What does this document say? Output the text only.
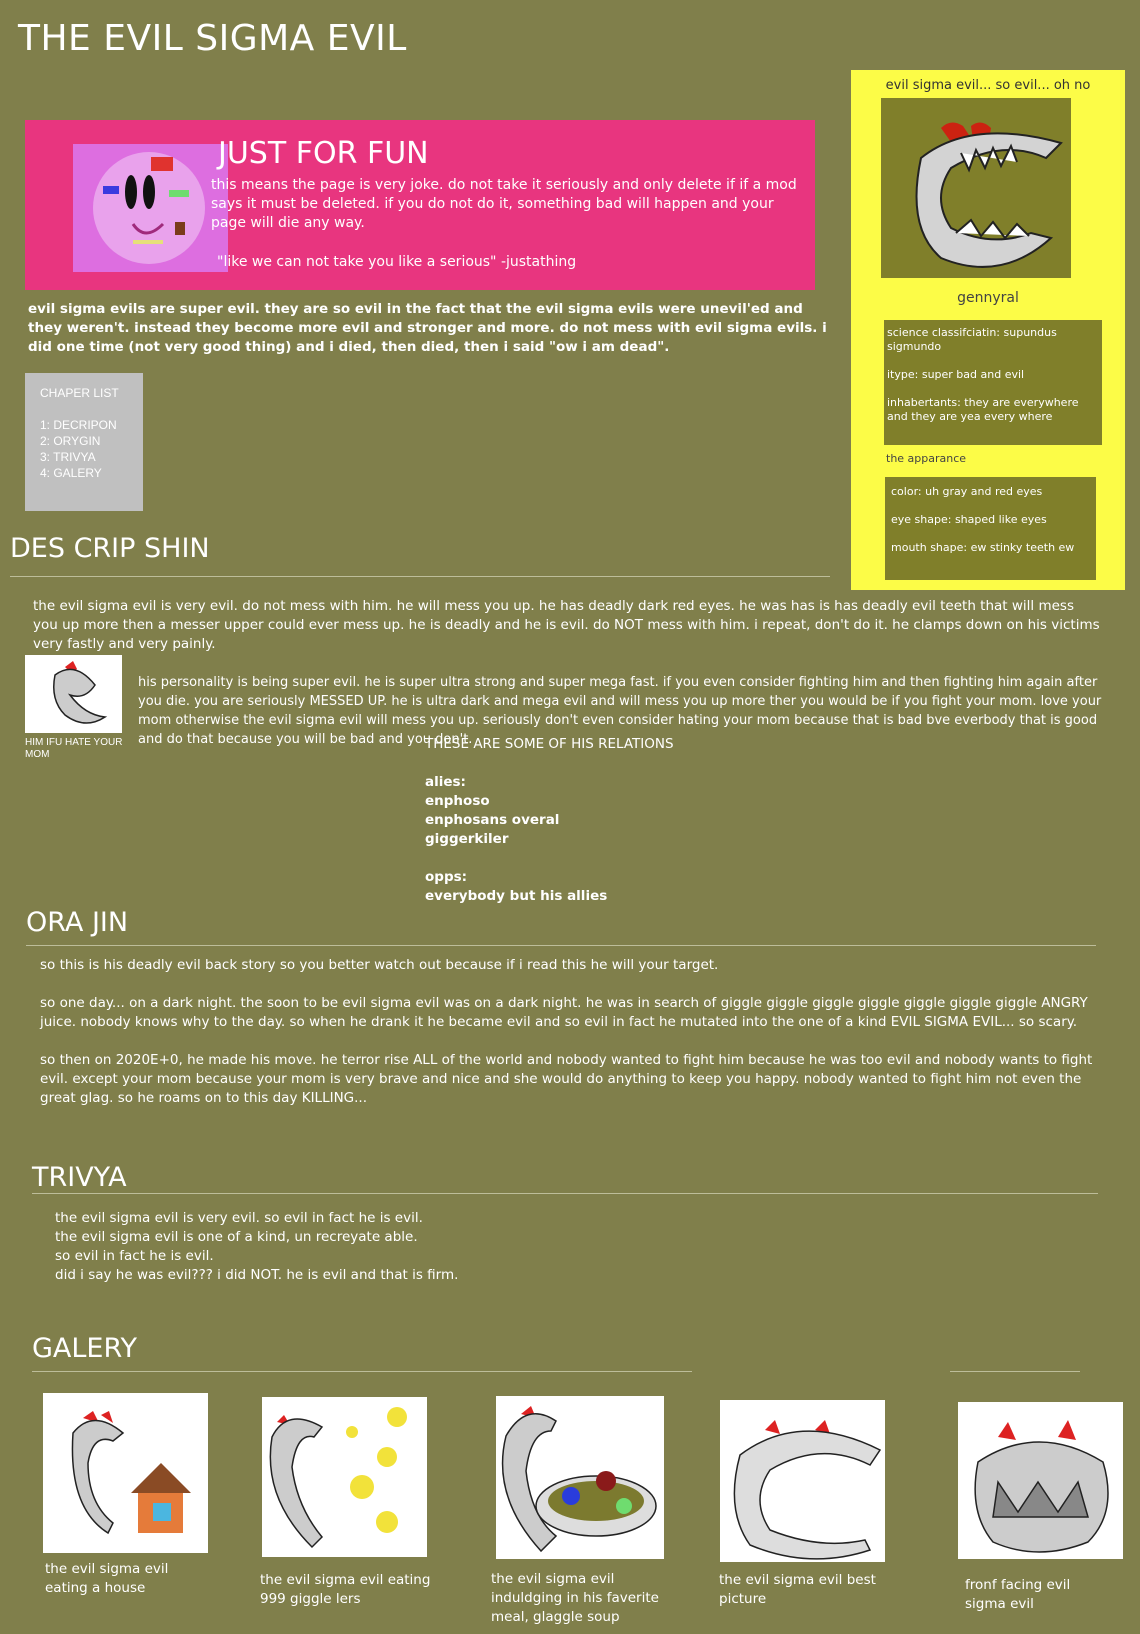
THE EVIL SIGMA EVIL
JUST FOR FUN
this means the page is very joke. do not take it seriously and only delete if if a mod says it must be deleted. if you do not do it, something bad will happen and your page will die any way.
"like we can not take you like a serious" -justathing
evil sigma evils are super evil. they are so evil in the fact that the evil sigma evils were unevil'ed and they weren't. instead they become more evil and stronger and more. do not mess with evil sigma evils. i did one time (not very good thing) and i died, then died, then i said "ow i am dead".
CHAPER LIST
1: DECRIPON
2: ORYGIN
3: TRIVYA
4: GALERY
evil sigma evil... so evil... oh no
gennyral

science classifciatin: supundus sigmundo

itype: super bad and evil

inhabertants: they are everywhere and they are yea every where

the apparance

color: uh gray and red eyes

eye shape: shaped like eyes

mouth shape: ew stinky teeth ew

DES CRIP SHIN
the evil sigma evil is very evil. do not mess with him. he will mess you up. he has deadly dark red eyes. he was has is has deadly evil teeth that will mess you up more then a messer upper could ever mess up. he is deadly and he is evil. do NOT mess with him. i repeat, don't do it. he clamps down on his victims very fastly and very painly.
HIM IFU HATE YOUR MOM
his personality is being super evil. he is super ultra strong and super mega fast. if you even consider fighting him and then fighting him again after you die. you are seriously MESSED UP. he is ultra dark and mega evil and will mess you up more ther you would be if you fight your mom. love your mom otherwise the evil sigma evil will mess you up. seriously don't even consider hating your mom because that is bad bve everbody that is good and do that because you will be bad and you don't.

THESE ARE SOME OF HIS RELATIONS

alies:

enphoso

enphosans overal

giggerkiler

opps:

everybody but his allies

ORA JIN

so this is his deadly evil back story so you better watch out because if i read this he will your target.

so one day... on a dark night. the soon to be evil sigma evil was on a dark night. he was in search of giggle giggle giggle giggle giggle giggle giggle ANGRY juice. nobody knows why to the day. so when he drank it he became evil and so evil in fact he mutated into the one of a kind EVIL SIGMA EVIL... so scary.

so then on 2020E+0, he made his move. he terror rise ALL of the world and nobody wanted to fight him because he was too evil and nobody wants to fight evil. except your mom because your mom is very brave and nice and she would do anything to keep you happy. nobody wanted to fight him not even the great glag. so he roams on to this day KILLING...

TRIVYA
the evil sigma evil is very evil. so evil in fact he is evil.
the evil sigma evil is one of a kind, un recreyate able.
so evil in fact he is evil.
did i say he was evil??? i did NOT. he is evil and that is firm.
GALERY
the evil sigma evil eating a house	the evil sigma evil eating 999 giggle lers
the evil sigma evil induldging in his faverite meal, glaggle soup
the evil sigma evil best picture
fronf facing evil sigma evil
